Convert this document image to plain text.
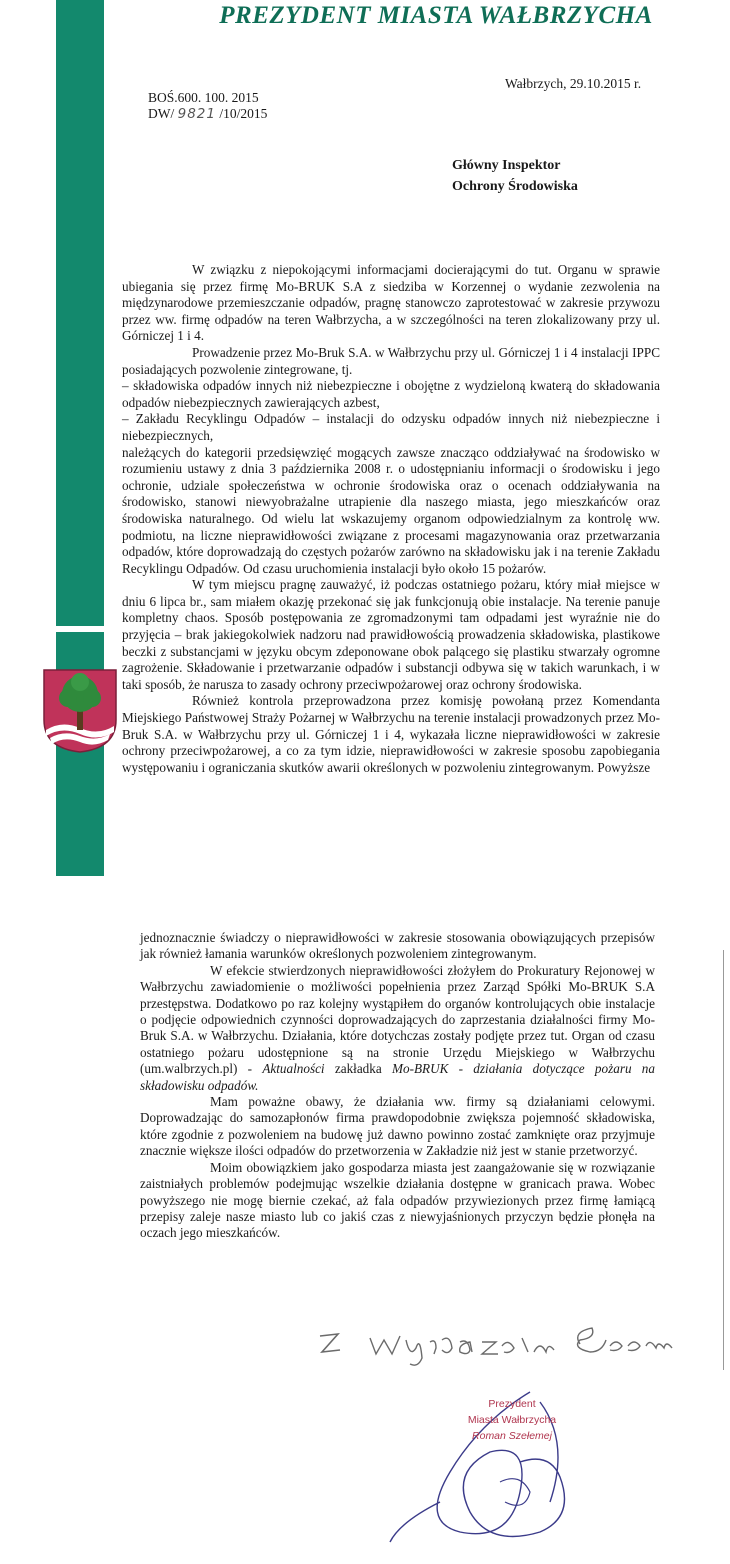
PREZYDENT MIASTA WAŁBRZYCHA
Wałbrzych, 29.10.2015 r.
BOŚ.600. 100. 2015
DW/ 9821 /10/2015
Główny Inspektor
Ochrony Środowiska

W związku z niepokojącymi informacjami docierającymi do tut. Organu w sprawie ubiegania się przez firmę Mo-BRUK S.A z siedziba w Korzennej o wydanie zezwolenia na międzynarodowe przemieszczanie odpadów, pragnę stanowczo zaprotestować w zakresie przywozu przez ww. firmę odpadów na teren Wałbrzycha, a w szczególności na teren zlokalizowany przy ul. Górniczej 1 i 4.

Prowadzenie przez Mo-Bruk S.A. w Wałbrzychu przy ul. Górniczej 1 i 4 instalacji IPPC posiadających pozwolenie zintegrowane, tj.

– składowiska odpadów innych niż niebezpieczne i obojętne z wydzieloną kwaterą do składowania odpadów niebezpiecznych zawierających azbest,

– Zakładu Recyklingu Odpadów – instalacji do odzysku odpadów innych niż niebezpieczne i niebezpiecznych,

należących do kategorii przedsięwzięć mogących zawsze znacząco oddziaływać na środowisko w rozumieniu ustawy z dnia 3 października 2008 r. o udostępnianiu informacji o środowisku i jego ochronie, udziale społeczeństwa w ochronie środowiska oraz o ocenach oddziaływania na środowisko, stanowi niewyobrażalne utrapienie dla naszego miasta, jego mieszkańców oraz środowiska naturalnego. Od wielu lat wskazujemy organom odpowiedzialnym za kontrolę ww. podmiotu, na liczne nieprawidłowości związane z procesami magazynowania oraz przetwarzania odpadów, które doprowadzają do częstych pożarów zarówno na składowisku jak i na terenie Zakładu Recyklingu Odpadów. Od czasu uruchomienia instalacji było około 15 pożarów.

W tym miejscu pragnę zauważyć, iż podczas ostatniego pożaru, który miał miejsce w dniu 6 lipca br., sam miałem okazję przekonać się jak funkcjonują obie instalacje. Na terenie panuje kompletny chaos. Sposób postępowania ze zgromadzonymi tam odpadami jest wyraźnie nie do przyjęcia – brak jakiegokolwiek nadzoru nad prawidłowością prowadzenia składowiska, plastikowe beczki z substancjami w języku obcym zdeponowane obok palącego się plastiku stwarzały ogromne zagrożenie. Składowanie i przetwarzanie odpadów i substancji odbywa się w takich warunkach, i w taki sposób, że narusza to zasady ochrony przeciwpożarowej oraz ochrony środowiska.

Również kontrola przeprowadzona przez komisję powołaną przez Komendanta Miejskiego Państwowej Straży Pożarnej w Wałbrzychu na terenie instalacji prowadzonych przez Mo-Bruk S.A. w Wałbrzychu przy ul. Górniczej 1 i 4, wykazała liczne nieprawidłowości w zakresie ochrony przeciwpożarowej, a co za tym idzie, nieprawidłowości w zakresie sposobu zapobiegania występowaniu i ograniczania skutków awarii określonych w pozwoleniu zintegrowanym. Powyższe

jednoznacznie świadczy o nieprawidłowości w zakresie stosowania obowiązujących przepisów jak również łamania warunków określonych pozwoleniem zintegrowanym.

W efekcie stwierdzonych nieprawidłowości złożyłem do Prokuratury Rejonowej w Wałbrzychu zawiadomienie o możliwości popełnienia przez Zarząd Spółki Mo-BRUK S.A przestępstwa. Dodatkowo po raz kolejny wystąpiłem do organów kontrolujących obie instalacje o podjęcie odpowiednich czynności doprowadzających do zaprzestania działalności firmy Mo-Bruk S.A. w Wałbrzychu. Działania, które dotychczas zostały podjęte przez tut. Organ od czasu ostatniego pożaru udostępnione są na stronie Urzędu Miejskiego w Wałbrzychu (um.walbrzych.pl) - Aktualności zakładka Mo-BRUK - działania dotyczące pożaru na składowisku odpadów.

Mam poważne obawy, że działania ww. firmy są działaniami celowymi. Doprowadzając do samozapłonów firma prawdopodobnie zwiększa pojemność składowiska, które zgodnie z pozwoleniem na budowę już dawno powinno zostać zamknięte oraz przyjmuje znacznie większe ilości odpadów do przetworzenia w Zakładzie niż jest w stanie przetworzyć.

Moim obowiązkiem jako gospodarza miasta jest zaangażowanie się w rozwiązanie zaistniałych problemów podejmując wszelkie działania dostępne w granicach prawa. Wobec powyższego nie mogę biernie czekać, aż fala odpadów przywiezionych przez firmę łamiącą przepisy zaleje nasze miasto lub co jakiś czas z niewyjaśnionych przyczyn będzie płonęła na oczach jego mieszkańców.

Prezydent
Miasta Wałbrzycha
Roman Szełemej
